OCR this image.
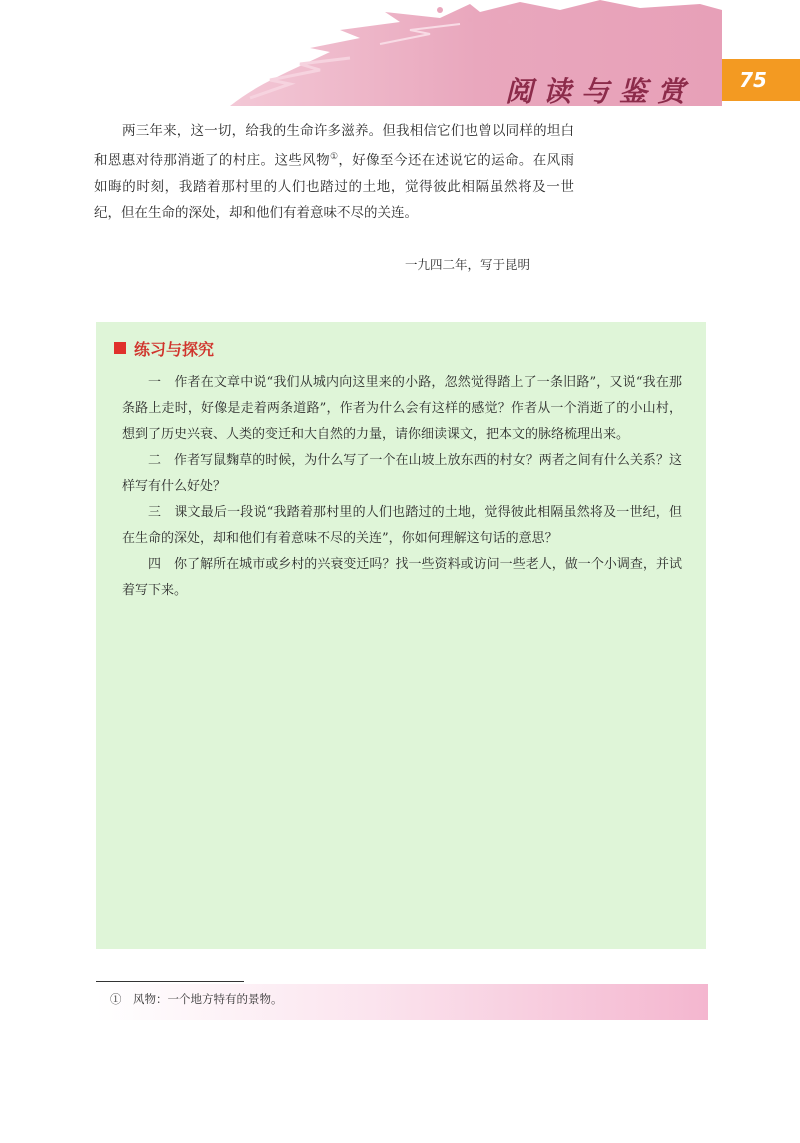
阅读与鉴赏	75

两三年来，这一切，给我的生命许多滋养。但我相信它们也曾以同样的坦白和恩惠对待那消逝了的村庄。这些风物①，好像至今还在述说它的运命。在风雨如晦的时刻，我踏着那村里的人们也踏过的土地，觉得彼此相隔虽然将及一世纪，但在生命的深处，却和他们有着意味不尽的关连。

一九四二年，写于昆明
练习与探究

一　作者在文章中说“我们从城内向这里来的小路，忽然觉得踏上了一条旧路”，又说“我在那条路上走时，好像是走着两条道路”，作者为什么会有这样的感觉？作者从一个消逝了的小山村，想到了历史兴衰、人类的变迁和大自然的力量，请你细读课文，把本文的脉络梳理出来。

二　作者写鼠麴草的时候，为什么写了一个在山坡上放东西的村女？两者之间有什么关系？这样写有什么好处？

三　课文最后一段说“我踏着那村里的人们也踏过的土地，觉得彼此相隔虽然将及一世纪，但在生命的深处，却和他们有着意味不尽的关连”，你如何理解这句话的意思？

四　你了解所在城市或乡村的兴衰变迁吗？找一些资料或访问一些老人，做一个小调查，并试着写下来。

①　风物：一个地方特有的景物。
